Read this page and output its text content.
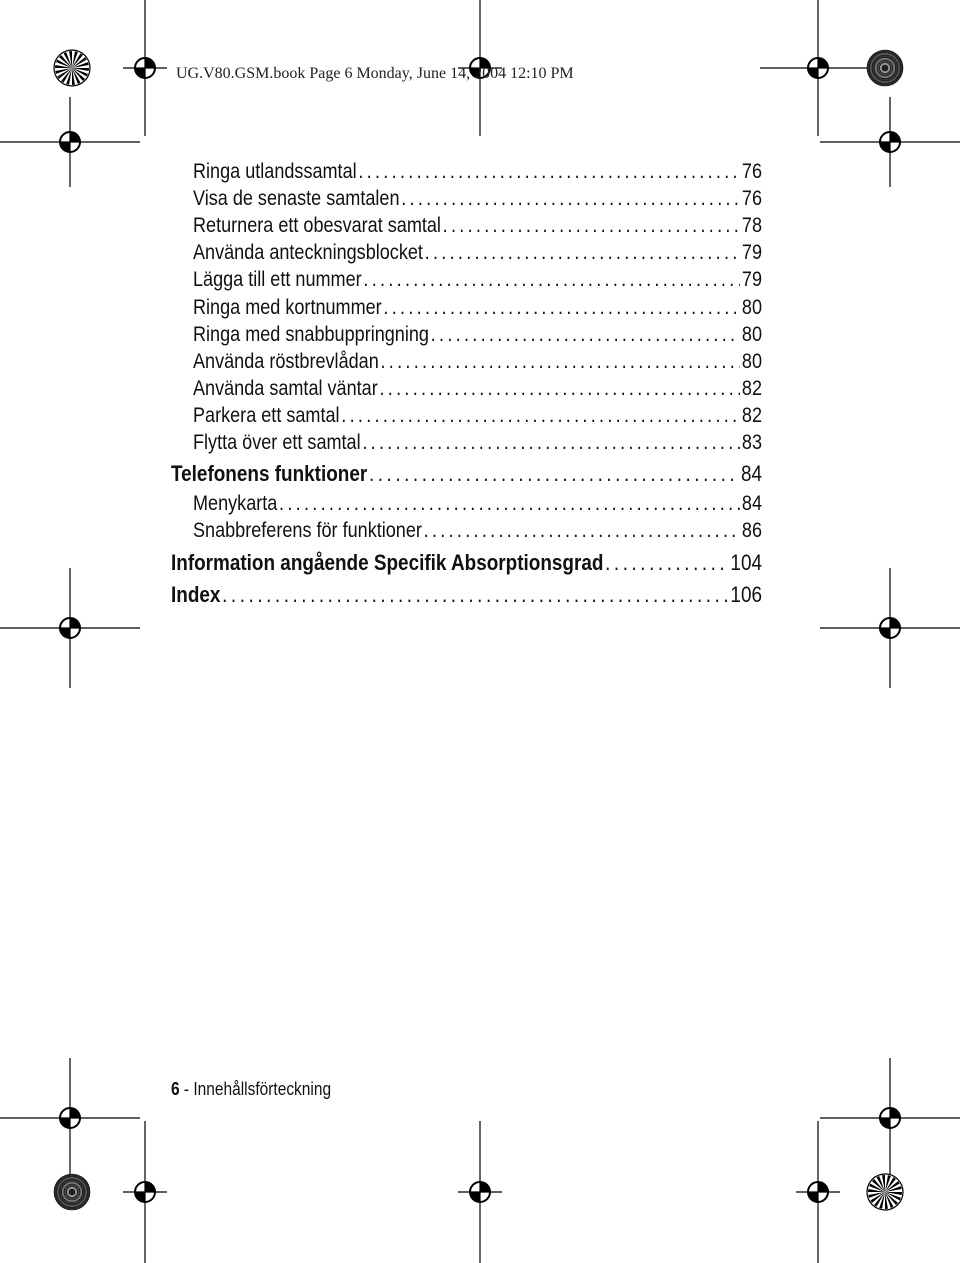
UG.V80.GSM.book Page 6 Monday, June 14, 2004 12:10 PM
Ringa utlandssamtal . . .	76
Visa de senaste samtalen . . .	76
Returnera ett obesvarat samtal . . .	78
Använda anteckningsblocket . . .	79
Lägga till ett nummer . . .	79
Ringa med kortnummer . . .	80
Ringa med snabbuppringning . . .	80
Använda röstbrevlådan . . .	80
Använda samtal väntar . . .	82
Parkera ett samtal . . .	82
Flytta över ett samtal . . .	83
Telefonens funktioner . . .	84
Menykarta . . .	84
Snabbreferens för funktioner . . .	86
Information angående Specifik Absorptionsgrad . . .	104
Index . . .	106
6 - Innehållsförteckning
